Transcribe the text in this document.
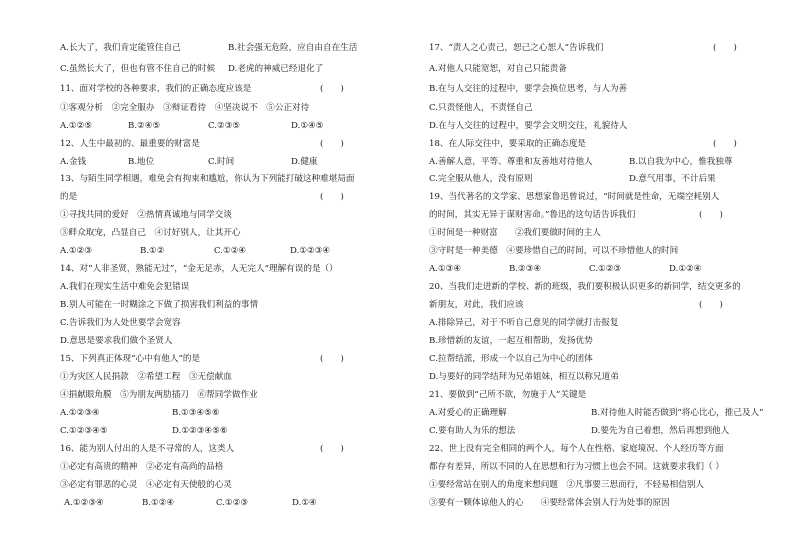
A.长大了，我们肯定能管住自己	B.社会强无危险，应自由自在生活
C.虽然长大了，但也有管不住自己的时候 D.老虎的神威已经退化了
11、面对学校的各种要求，我们的正确态度应该是
①客观分析　②完全服办　③辩证看待　④坚决说不　⑤公正对待
A.①②⑤	B.②④⑤	C.②③⑤	D.①④⑤
12、人生中最初的、最重要的财富是
A.金钱	B.地位	C.时间	D.健康
13、与陌生同学相遇，难免会有拘束和尴尬，你认为下列能打破这种难堪局面
的是
①寻找共同的爱好　②热情真诚地与同学交谈
③畔众取宠，凸显自己　④讨好别人，让其开心
A.①②③	B.①②	C.①②④	D.①②③④
14、对“人非圣贤，熟能无过”，“金无足赤，人无完人”理解有误的是（）
A.我们在现实生活中难免会犯错误
B.别人可能在一时糊涂之下做了损害我们利益的事情
C.告诉我们为人处世要学会宽容
D.意思是要求我们做个圣贤人
15、下列真正体现“心中有他人”的是
①为灾区人民捐款　②希望工程　③无偿献血
④捐献眼角膜　⑤为朋友两肋插刀　⑥帮同学做作业
A.①②③④	B.①③④⑤⑥
C.①②③④⑤	D.①②③④⑤⑥
16、能为别人付出的人是不寻常的人，这类人
①必定有高贵的精神　②必定有高尚的品格
③必定有罪恶的心灵　④必定有天使般的心灵
A.①②③④	B.①②④	C.①②③	D.①④
(　　)
(　　)
(　　)
(　　)
(　　)
17、“责人之心责己，恕己之心恕人”告诉我们
A.对他人只能宽恕，对自己只能责备
B.在与人交往的过程中，要学会换位思考，与人为善
C.只责怪他人，不责怪自己
D.在与人交往的过程中，要学会文明交往，礼貌待人
18、在人际交往中，要采取的正确态度是
A.善解人意，平等、尊重和友善地对待他人	B.以自我为中心，惟我独尊
C.完全服从他人，没有原则	D.意气用事，不计后果
19、当代著名的文学家、思想家鲁迅曾说过，“时间就是性命，无端空耗别人
的时间，其实无异于谋财害命。”鲁迅的这句话告诉我们
①时间是一种财富　　②我们要做时间的主人
③守时是一种美德　④要珍惜自己的时间，可以不珍惜他人的时间
A.①③④	B.②③④	C.①②③	D.①②④
20、当我们走进新的学校、新的班级，我们要积极认识更多的新同学，结交更多的
新朋友，对此，我们应该
A.排除异己，对于不听自己意见的同学就打击报复
B.珍惜新的友谊，一起互相帮助，发扬优势
C.拉帮结派，形成一个以自己为中心的团体
D.与要好的同学结拜为兄弟姐妹，相互以称兄道弟
21、要做到“己所不欲，勿施于人”关键是
A.对爱心的正确理解	B.对待他人时能否做到“将心比心，推己及人”
C.要有助人为乐的想法	D.要先为自己着想，然后再想到他人
22、世上没有完全相同的两个人，每个人在性格、家庭境况、个人经历等方面
都存有差异，所以不同的人在思想和行为习惯上也会不同。这就要求我们（ ）
①要经常站在别人的角度来想问题　②凡事要三思而行，不轻易相信别人
③要有一颗体谅他人的心　　④要经常体会别人行为处事的原因
(　　)
(　　)
(　　)
(　　)
